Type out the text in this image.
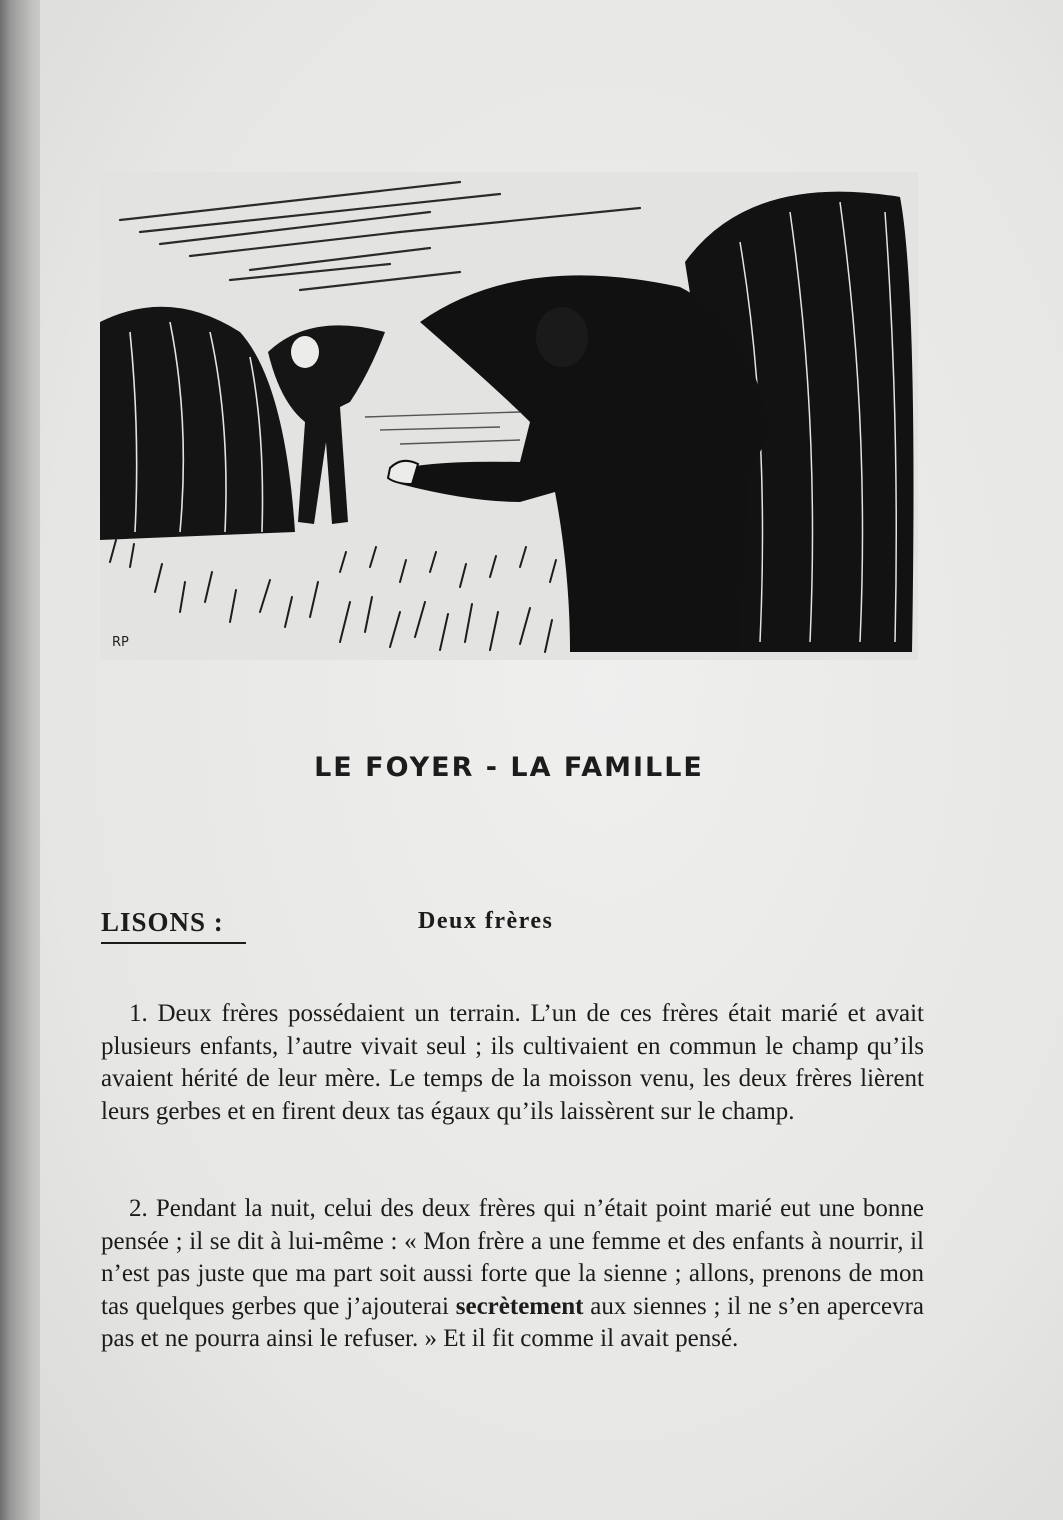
RP
LE FOYER - LA FAMILLE
LISONS :	Deux frères

1. Deux frères possédaient un terrain. L’un de ces frères était marié et avait plusieurs enfants, l’autre vivait seul ; ils cultivaient en commun le champ qu’ils avaient hérité de leur mère. Le temps de la moisson venu, les deux frères lièrent leurs gerbes et en firent deux tas égaux qu’ils laissèrent sur le champ.

2. Pendant la nuit, celui des deux frères qui n’était point marié eut une bonne pensée ; il se dit à lui-même : « Mon frère a une femme et des enfants à nourrir, il n’est pas juste que ma part soit aussi forte que la sienne ; allons, prenons de mon tas quelques gerbes que j’ajouterai secrètement aux siennes ; il ne s’en apercevra pas et ne pourra ainsi le refuser. » Et il fit comme il avait pensé.
